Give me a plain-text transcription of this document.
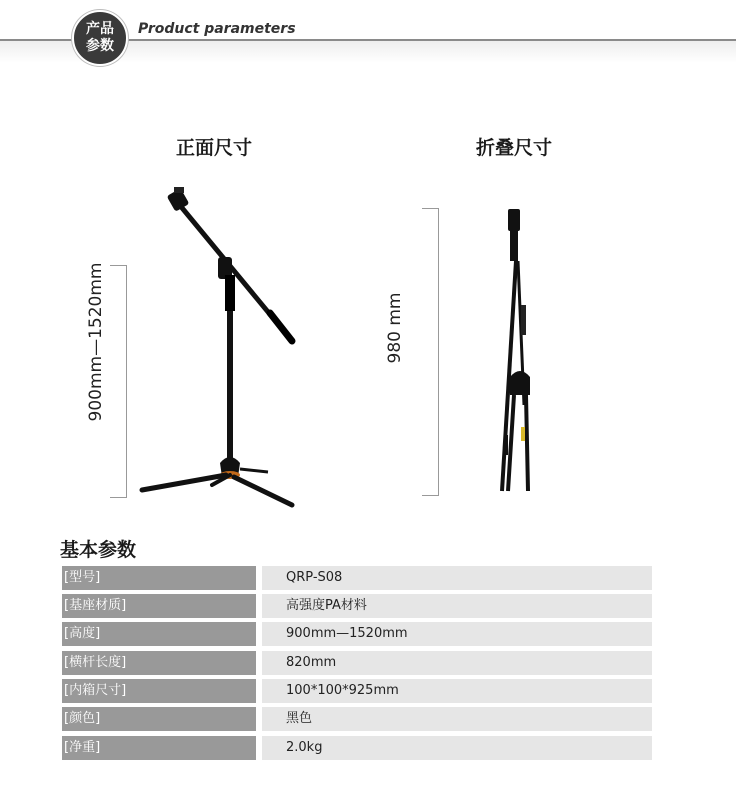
产品
参数
Product parameters
正面尺寸	折叠尺寸
900mm—1520mm	980 mm
基本参数
[型号]	QRP-S08
[基座材质]	高强度PA材料
[高度]	900mm—1520mm
[横杆长度]	820mm
[内箱尺寸]	100*100*925mm
[颜色]	黑色
[净重]	2.0kg
